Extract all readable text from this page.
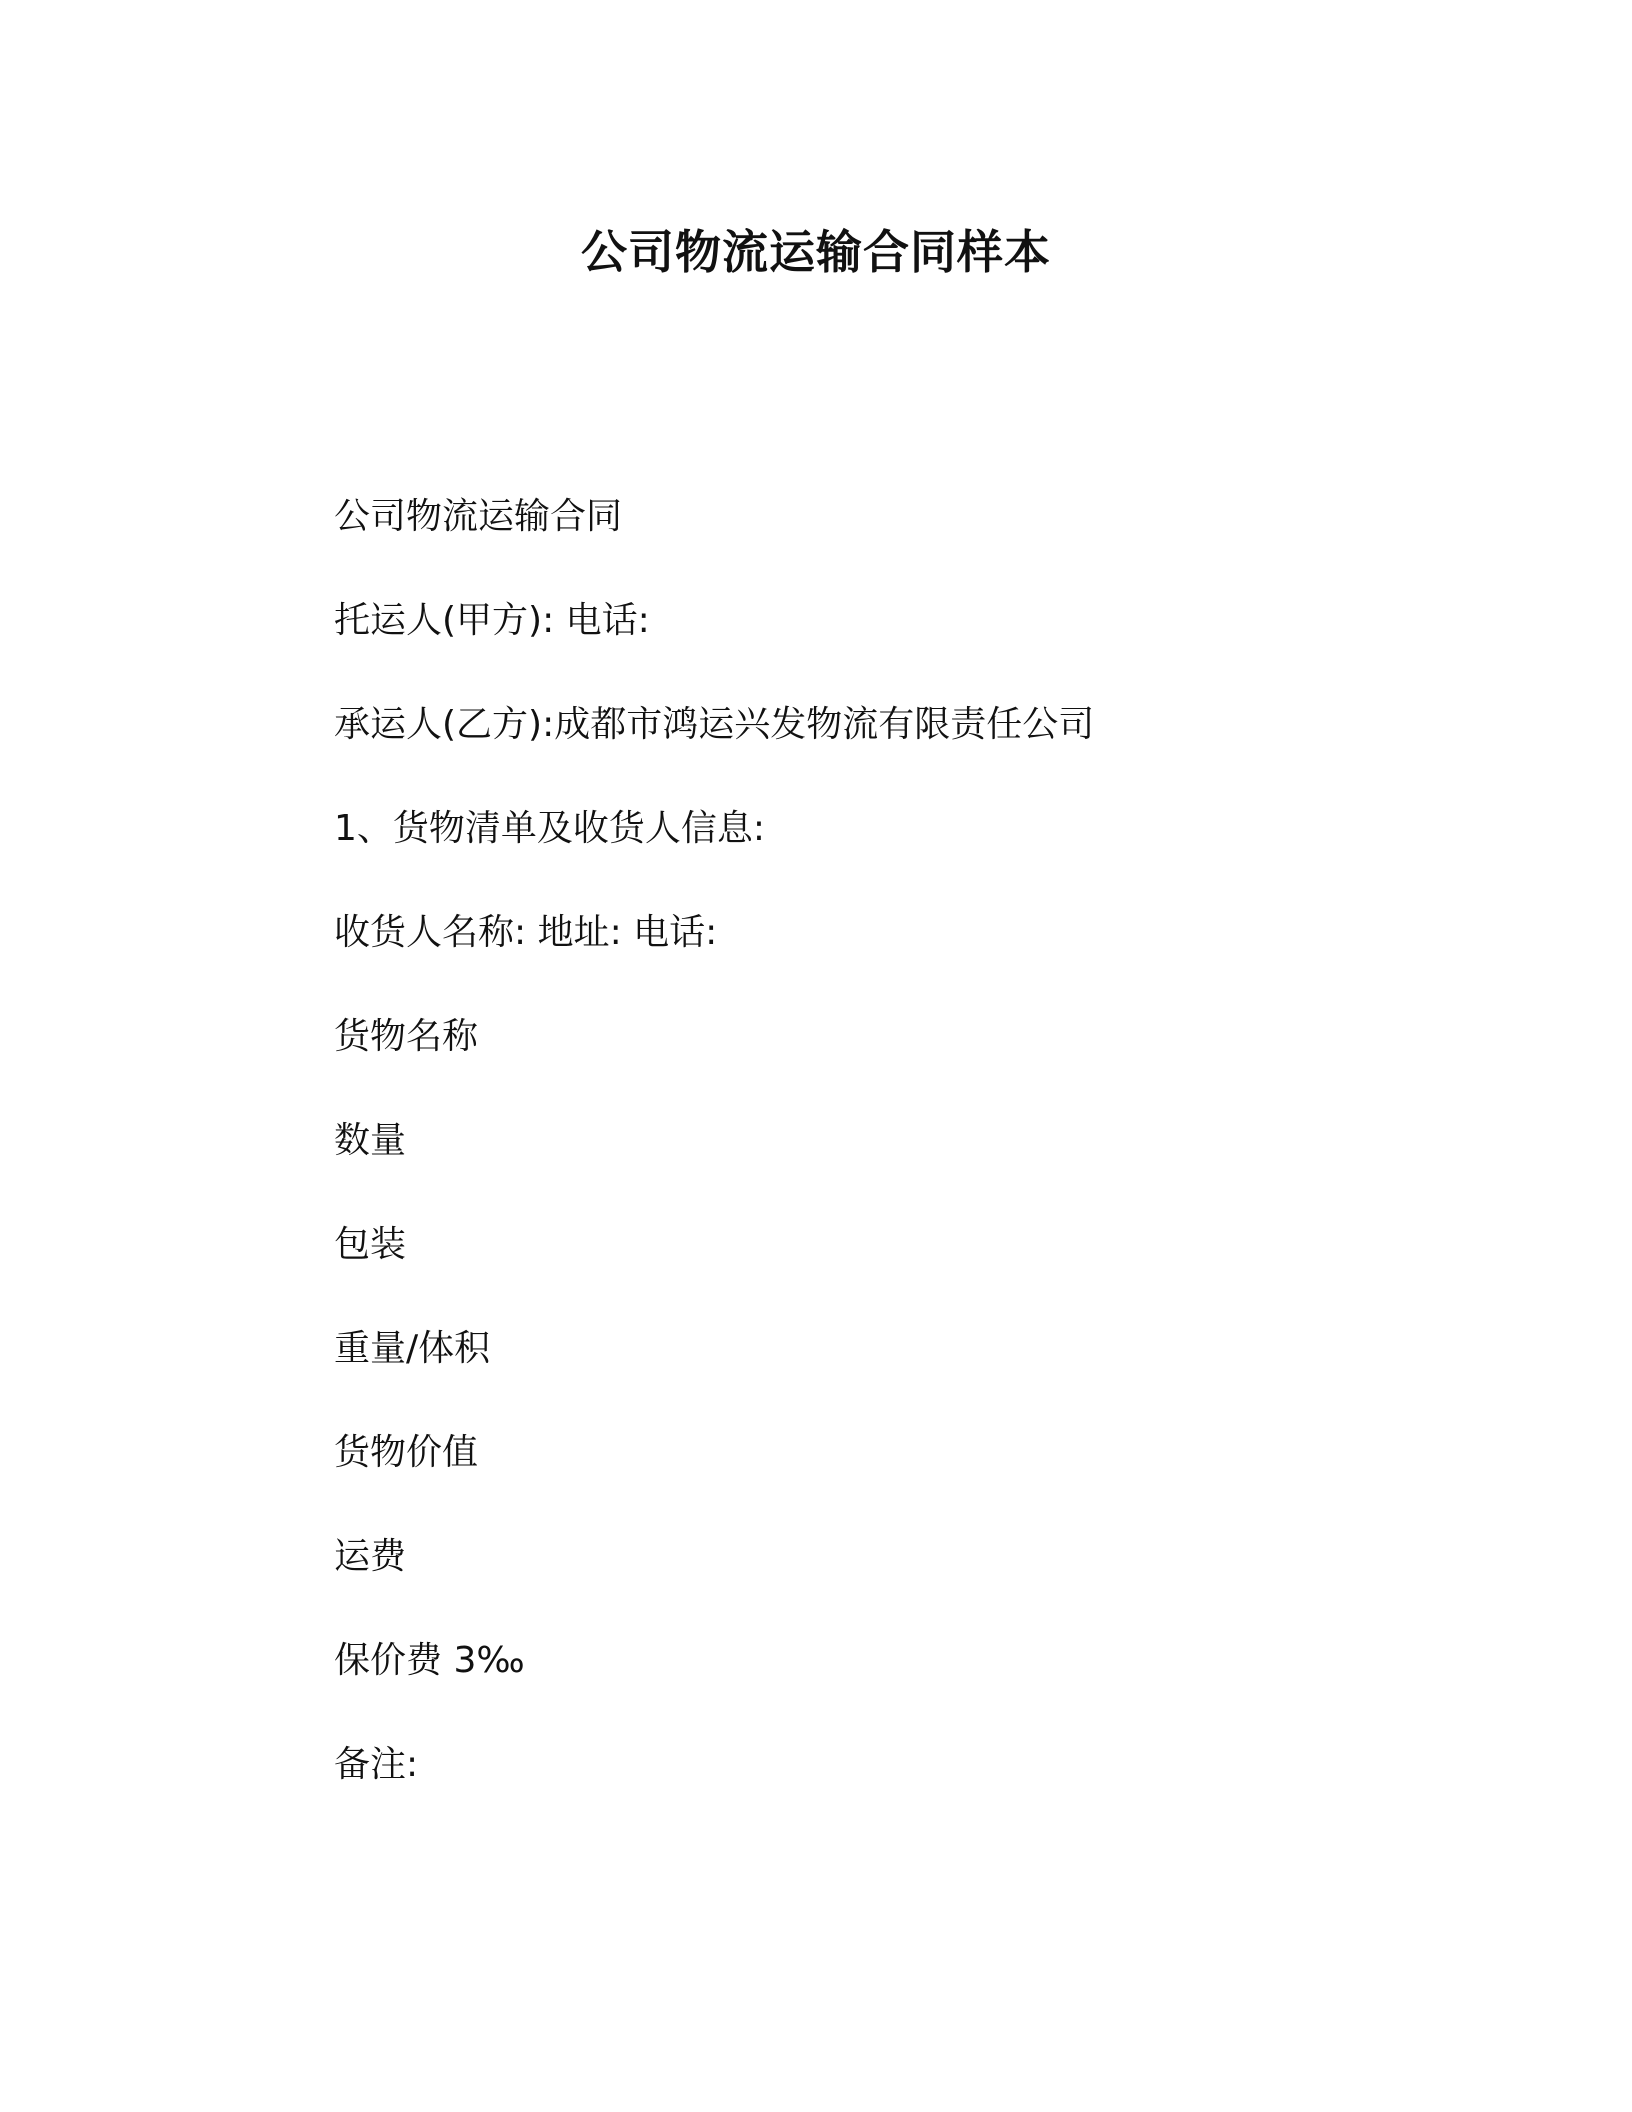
公司物流运输合同样本
公司物流运输合同
托运人(甲方): 电话:
承运人(乙方):成都市鸿运兴发物流有限责任公司
1、货物清单及收货人信息:
收货人名称: 地址: 电话:
货物名称
数量
包装
重量/体积
货物价值
运费
保价费 3‰
备注:
